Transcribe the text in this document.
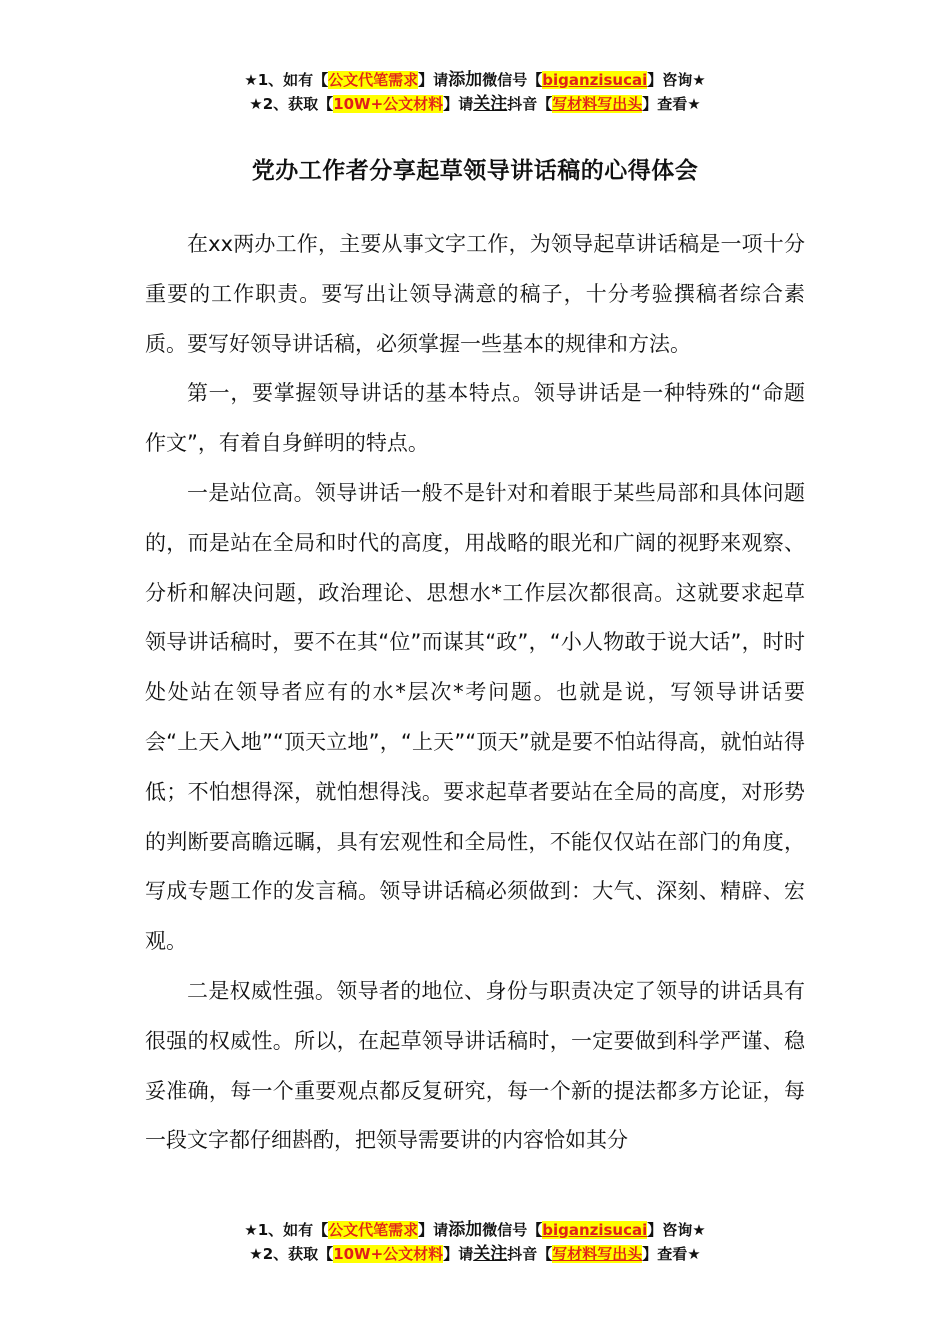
★1、如有【公文代笔需求】请添加微信号【biganzisucai】咨询★
★2、获取【10W+公文材料】请关注抖音【写材料写出头】查看★
党办工作者分享起草领导讲话稿的心得体会

在xx两办工作，主要从事文字工作，为领导起草讲话稿是一项十分重要的工作职责。要写出让领导满意的稿子，十分考验撰稿者综合素质。要写好领导讲话稿，必须掌握一些基本的规律和方法。

第一，要掌握领导讲话的基本特点。领导讲话是一种特殊的“命题作文”，有着自身鲜明的特点。

一是站位高。领导讲话一般不是针对和着眼于某些局部和具体问题的，而是站在全局和时代的高度，用战略的眼光和广阔的视野来观察、分析和解决问题，政治理论、思想水*工作层次都很高。这就要求起草领导讲话稿时，要不在其“位”而谋其“政”，“小人物敢于说大话”，时时处处站在领导者应有的水*层次*考问题。也就是说，写领导讲话要会“上天入地”“顶天立地”，“上天”“顶天”就是要不怕站得高，就怕站得低；不怕想得深，就怕想得浅。要求起草者要站在全局的高度，对形势的判断要高瞻远瞩，具有宏观性和全局性，不能仅仅站在部门的角度，写成专题工作的发言稿。领导讲话稿必须做到：大气、深刻、精辟、宏观。

二是权威性强。领导者的地位、身份与职责决定了领导的讲话具有很强的权威性。所以，在起草领导讲话稿时，一定要做到科学严谨、稳妥准确，每一个重要观点都反复研究，每一个新的提法都多方论证，每一段文字都仔细斟酌，把领导需要讲的内容恰如其分

★1、如有【公文代笔需求】请添加微信号【biganzisucai】咨询★
★2、获取【10W+公文材料】请关注抖音【写材料写出头】查看★
